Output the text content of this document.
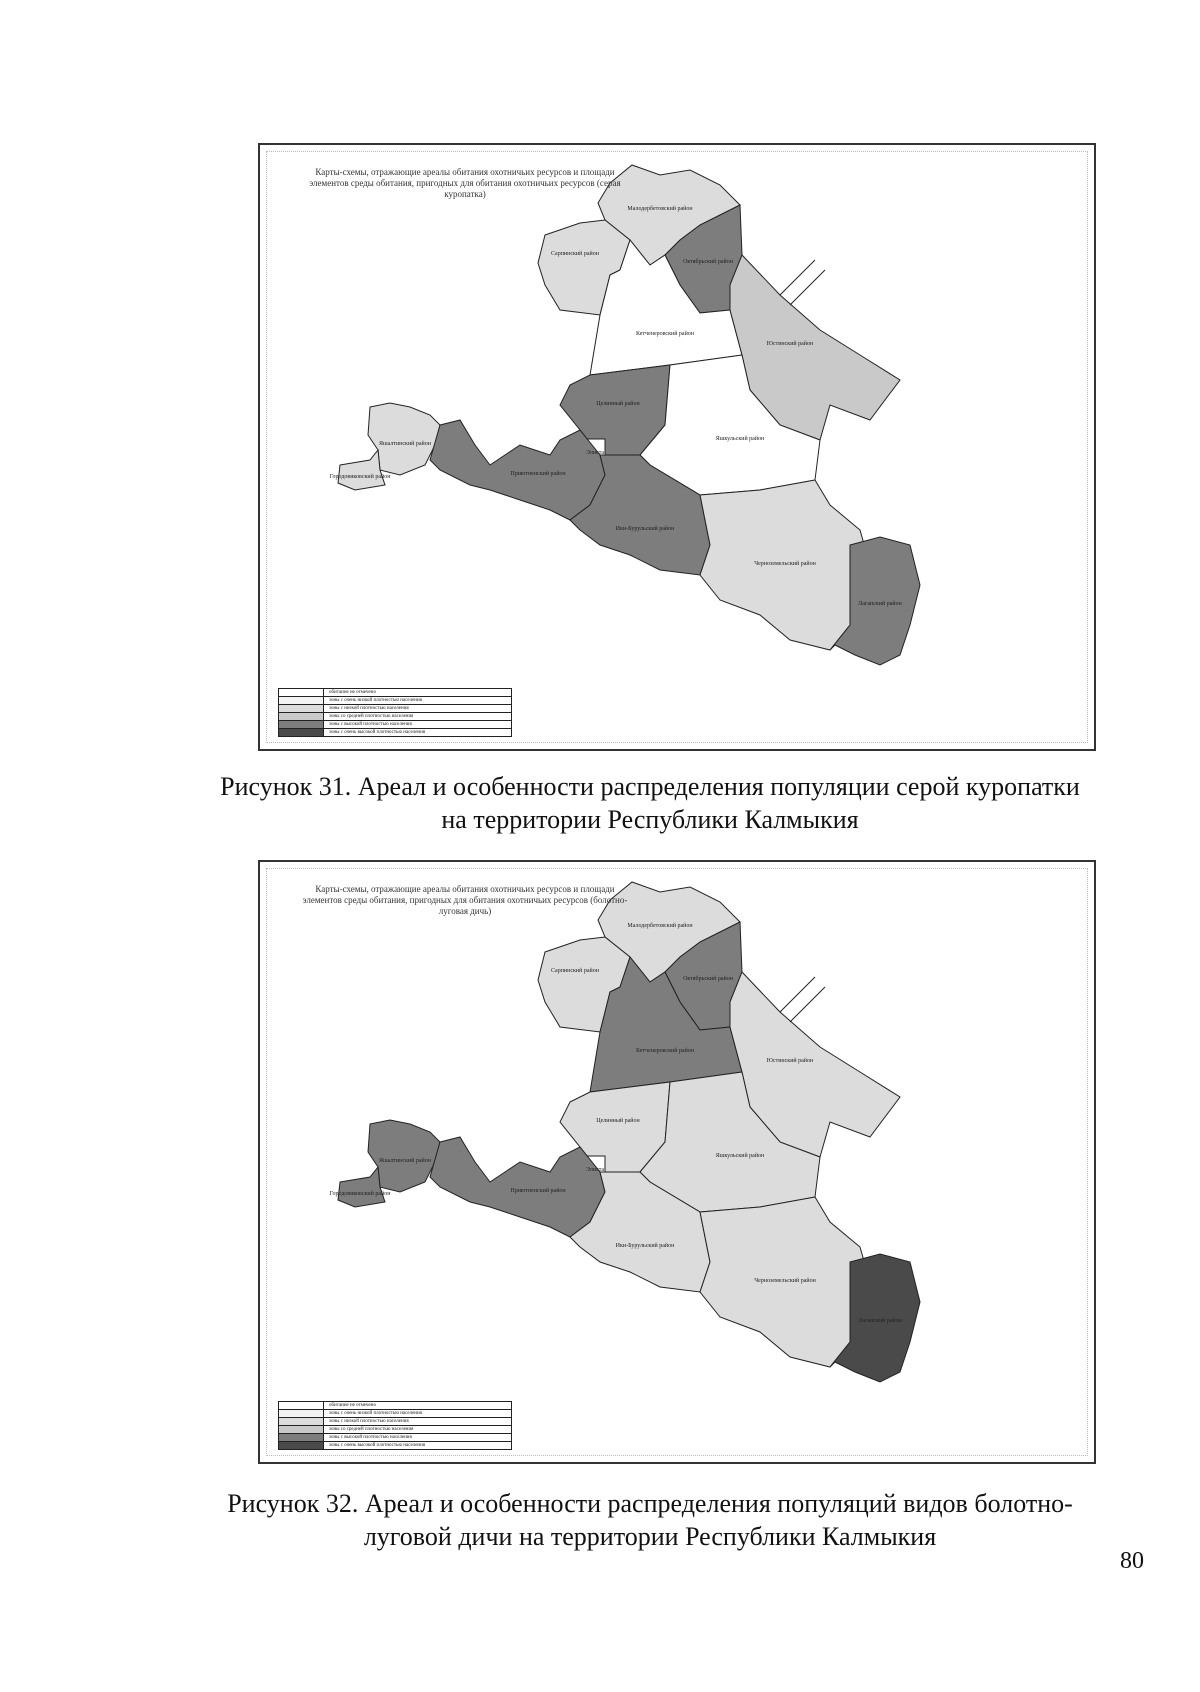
Малодербетовский район
Сарпинский район
Октябрьский район
Кетченеровский район
Юстинский район
Целинный район
Элиста
Яшкульский район
Яшалтинский район
Городовиковский район	Приютненский район
Ики-Бурульский район
Черноземельский район
Лаганский район
Карты-схемы, отражающие ареалы обитания охотничьих ресурсов и площади элементов среды обитания, пригодных для обитания охотничьих ресурсов (серая куропатка)
обитание не отмечено
зоны с очень низкой плотностью населения
зоны с низкой плотностью населения
зоны со средней плотностью населения
зоны с высокой плотностью населения
зоны с очень высокой плотностью населения
Рисунок 31. Ареал и особенности распределения популяции серой куропатки
на территории Республики Калмыкия
Малодербетовский район
Сарпинский район
Октябрьский район
Кетченеровский район
Юстинский район
Целинный район
Элиста
Яшкульский район
Яшалтинский район
Городовиковский район	Приютненский район
Ики-Бурульский район
Черноземельский район
Лаганский район
Карты-схемы, отражающие ареалы обитания охотничьих ресурсов и площади элементов среды обитания, пригодных для обитания охотничьих ресурсов (болотно-луговая дичь)
обитание не отмечено
зоны с очень низкой плотностью населения
зоны с низкой плотностью населения
зоны со средней плотностью населения
зоны с высокой плотностью населения
зоны с очень высокой плотностью населения
Рисунок 32. Ареал и особенности распределения популяций видов болотно-
луговой дичи на территории Республики Калмыкия
80
